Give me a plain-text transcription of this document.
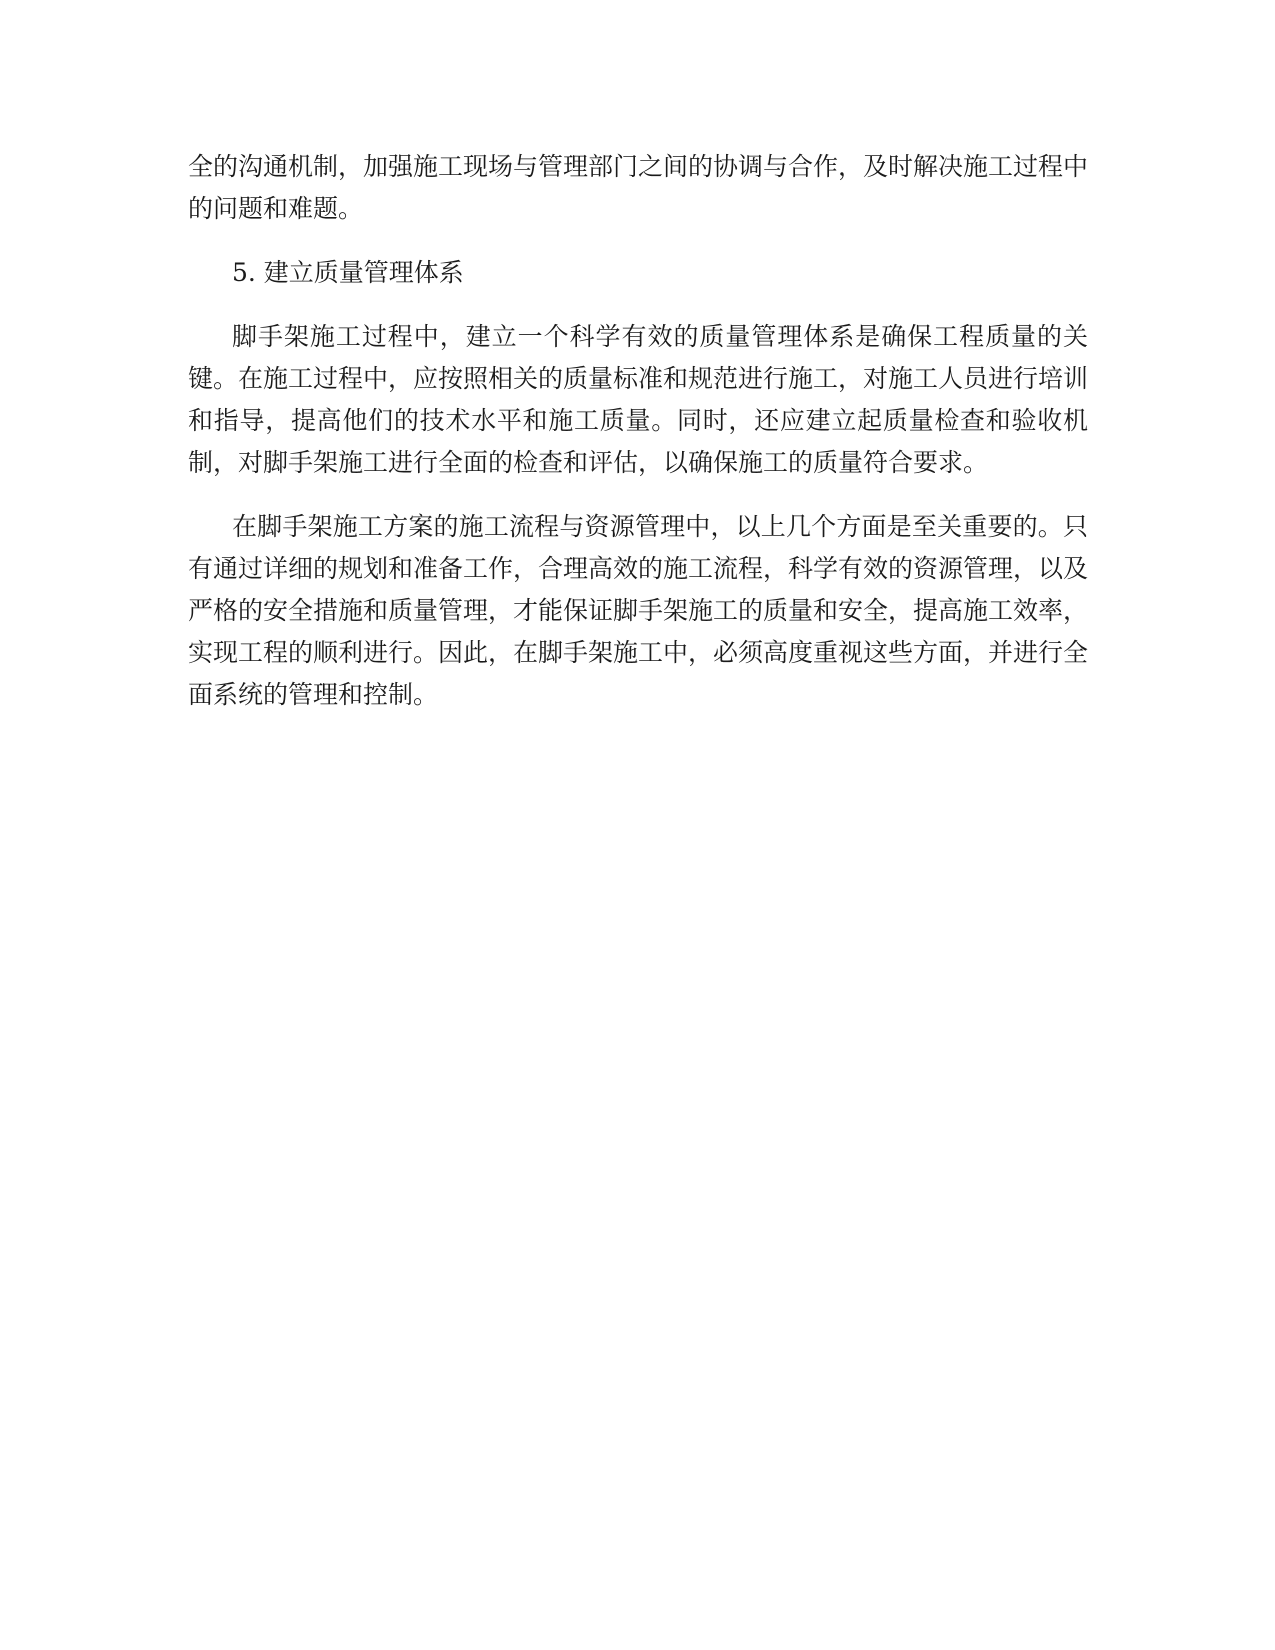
全的沟通机制，加强施工现场与管理部门之间的协调与合作，及时解决施工过程中的问题和难题。

5. 建立质量管理体系

脚手架施工过程中，建立一个科学有效的质量管理体系是确保工程质量的关键。在施工过程中，应按照相关的质量标准和规范进行施工，对施工人员进行培训和指导，提高他们的技术水平和施工质量。同时，还应建立起质量检查和验收机制，对脚手架施工进行全面的检查和评估，以确保施工的质量符合要求。

在脚手架施工方案的施工流程与资源管理中，以上几个方面是至关重要的。只有通过详细的规划和准备工作，合理高效的施工流程，科学有效的资源管理，以及严格的安全措施和质量管理，才能保证脚手架施工的质量和安全，提高施工效率，实现工程的顺利进行。因此，在脚手架施工中，必须高度重视这些方面，并进行全面系统的管理和控制。
